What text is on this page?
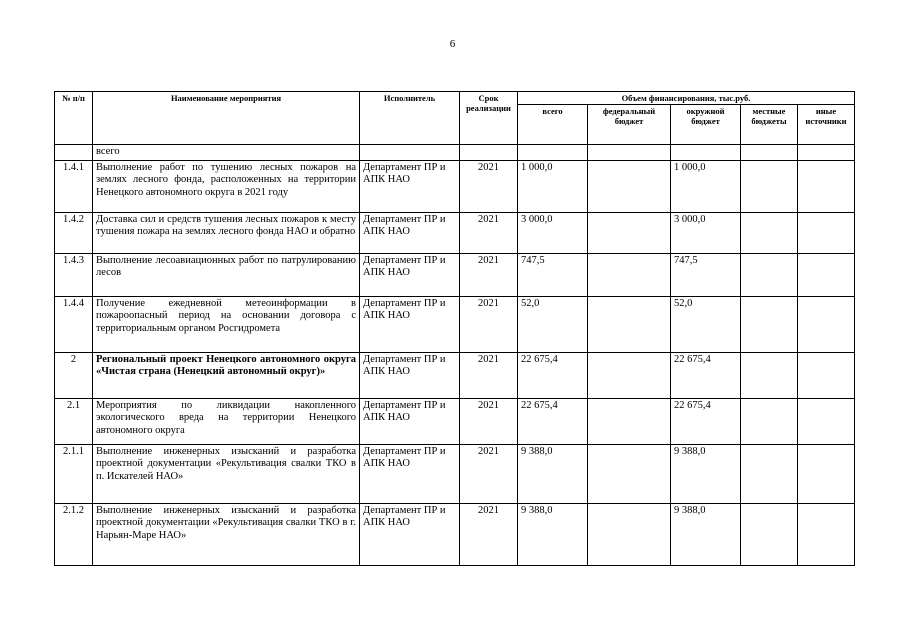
6
№ п/п	Наименование мероприятия	Исполнитель	Срок реализации	Объем финансирования, тыс.руб.				
				всего	федеральный бюджет	окружной бюджет	местные бюджеты	иные источники
	всего							
1.4.1	Выполнение работ по тушению лесных пожаров на землях лесного фонда, расположенных на территории Ненецкого автономного округа в 2021 году	Департамент ПР и АПК НАО	2021	1 000,0		1 000,0		
1.4.2	Доставка сил и средств тушения лесных пожаров к месту тушения пожара на землях лесного фонда НАО и обратно	Департамент ПР и АПК НАО	2021	3 000,0		3 000,0		
1.4.3	Выполнение лесоавиационных работ по патрулированию лесов	Департамент ПР и АПК НАО	2021	747,5		747,5		
1.4.4	Получение ежедневной метеоинформации в пожароопасный период на основании договора с территориальным органом Росгидромета	Департамент ПР и АПК НАО	2021	52,0		52,0		
2	Региональный проект Ненецкого автономного округа «Чистая страна (Ненецкий автономный округ)»	Департамент ПР и АПК НАО	2021	22 675,4		22 675,4		
2.1	Мероприятия по ликвидации накопленного экологического вреда на территории Ненецкого автономного округа	Департамент ПР и АПК НАО	2021	22 675,4		22 675,4		
2.1.1	Выполнение инженерных изысканий и разработка проектной документации «Рекультивация свалки ТКО в п. Искателей НАО»	Департамент ПР и АПК НАО	2021	9 388,0		9 388,0		
2.1.2	Выполнение инженерных изысканий и разработка проектной документации «Рекультивация свалки ТКО в г. Нарьян-Маре НАО»	Департамент ПР и АПК НАО	2021	9 388,0		9 388,0		
